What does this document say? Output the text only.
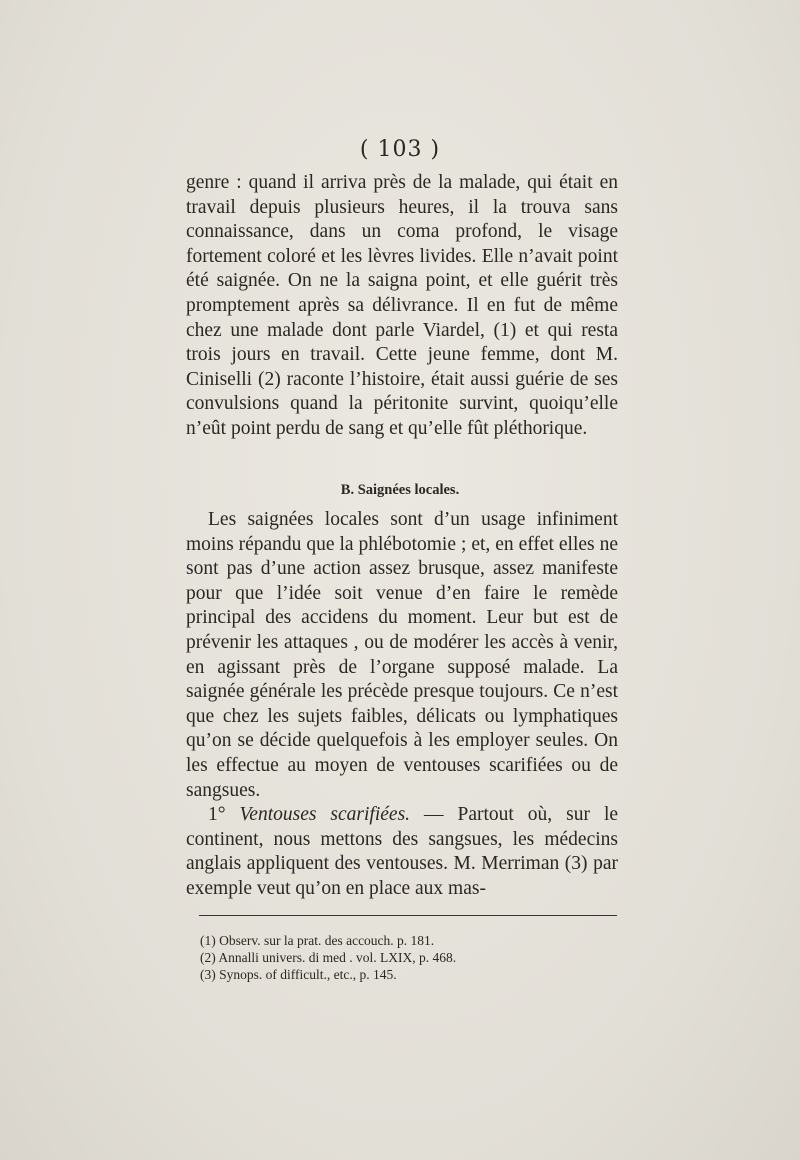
( 103 )

genre : quand il arriva près de la malade, qui était en travail depuis plusieurs heures, il la trouva sans connaissance, dans un coma profond, le visage fortement coloré et les lèvres livides. Elle n’avait point été saignée. On ne la saigna point, et elle guérit très promptement après sa délivrance. Il en fut de même chez une malade dont parle Viardel, (1) et qui resta trois jours en travail. Cette jeune femme, dont M. Ciniselli (2) raconte l’histoire, était aussi guérie de ses convulsions quand la péritonite survint, quoiqu’elle n’eût point perdu de sang et qu’elle fût pléthorique.

B. Saignées locales.

Les saignées locales sont d’un usage infiniment moins répandu que la phlébotomie ; et, en effet elles ne sont pas d’une action assez brusque, assez manifeste pour que l’idée soit venue d’en faire le remède principal des accidens du moment. Leur but est de prévenir les attaques , ou de modérer les accès à venir, en agissant près de l’organe supposé malade. La saignée générale les précède presque toujours. Ce n’est que chez les sujets faibles, délicats ou lymphatiques qu’on se décide quelquefois à les employer seules. On les effectue au moyen de ventouses scarifiées ou de sangsues.

1° Ventouses scarifiées. — Partout où, sur le continent, nous mettons des sangsues, les médecins anglais appliquent des ventouses. M. Merriman (3) par exemple veut qu’on en place aux mas-

(1) Observ. sur la prat. des accouch. p. 181.
(2) Annalli univers. di med . vol. LXIX, p. 468.
(3) Synops. of difficult., etc., p. 145.
